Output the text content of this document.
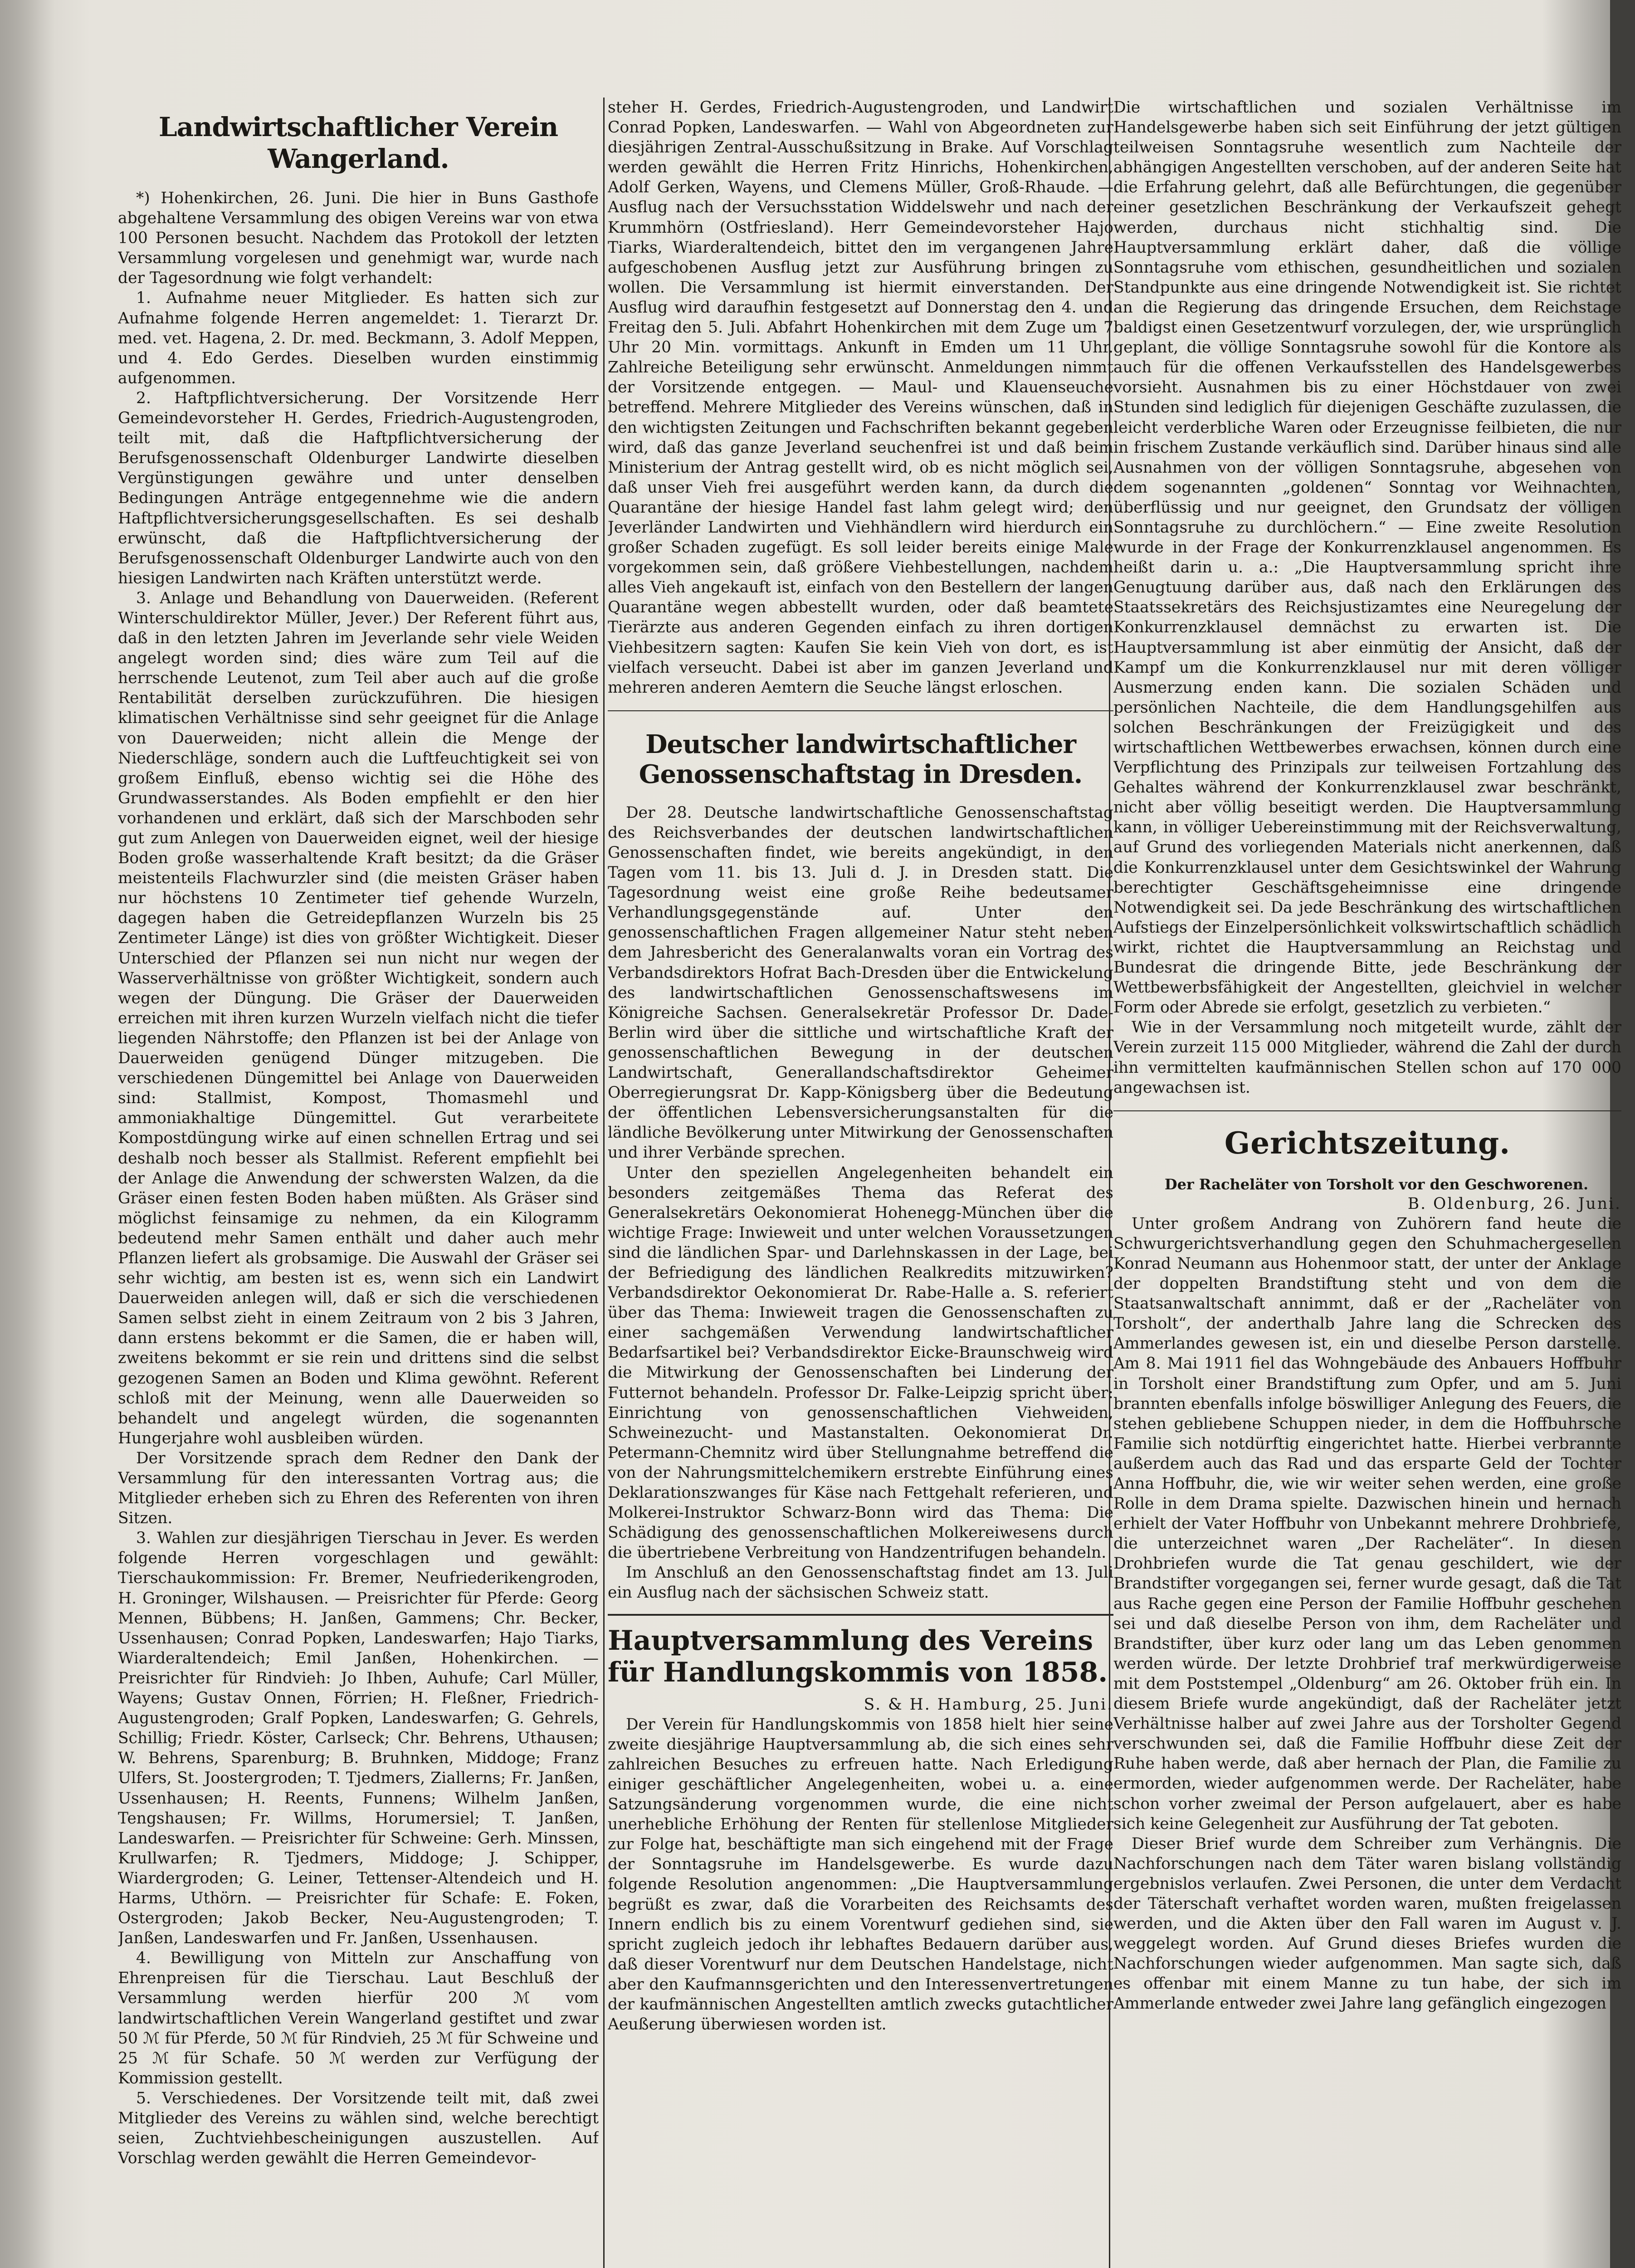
Landwirtschaftlicher Verein Wangerland.

*) Hohenkirchen, 26. Juni. Die hier in Buns Gasthofe abgehaltene Versammlung des obigen Vereins war von etwa 100 Personen besucht. Nachdem das Protokoll der letzten Versammlung vorgelesen und genehmigt war, wurde nach der Tagesordnung wie folgt verhandelt:

1. Aufnahme neuer Mitglieder. Es hatten sich zur Aufnahme folgende Herren angemeldet: 1. Tierarzt Dr. med. vet. Hagena, 2. Dr. med. Beckmann, 3. Adolf Meppen, und 4. Edo Gerdes. Dieselben wurden einstimmig aufgenommen.

2. Haftpflichtversicherung. Der Vorsitzende Herr Gemeindevorsteher H. Gerdes, Friedrich-Augustengroden, teilt mit, daß die Haftpflichtversicherung der Berufsgenossenschaft Oldenburger Landwirte dieselben Vergünstigungen gewähre und unter denselben Bedingungen Anträge entgegennehme wie die andern Haftpflichtversicherungsgesellschaften. Es sei deshalb erwünscht, daß die Haftpflichtversicherung der Berufsgenossenschaft Oldenburger Landwirte auch von den hiesigen Landwirten nach Kräften unterstützt werde.

3. Anlage und Behandlung von Dauerweiden. (Referent Winterschuldirektor Müller, Jever.) Der Referent führt aus, daß in den letzten Jahren im Jeverlande sehr viele Weiden angelegt worden sind; dies wäre zum Teil auf die herrschende Leutenot, zum Teil aber auch auf die große Rentabilität derselben zurückzuführen. Die hiesigen klimatischen Verhältnisse sind sehr geeignet für die Anlage von Dauerweiden; nicht allein die Menge der Niederschläge, sondern auch die Luftfeuchtigkeit sei von großem Einfluß, ebenso wichtig sei die Höhe des Grundwasserstandes. Als Boden empfiehlt er den hier vorhandenen und erklärt, daß sich der Marschboden sehr gut zum Anlegen von Dauerweiden eignet, weil der hiesige Boden große wasserhaltende Kraft besitzt; da die Gräser meistenteils Flachwurzler sind (die meisten Gräser haben nur höchstens 10 Zentimeter tief gehende Wurzeln, dagegen haben die Getreidepflanzen Wurzeln bis 25 Zentimeter Länge) ist dies von größter Wichtigkeit. Dieser Unterschied der Pflanzen sei nun nicht nur wegen der Wasserverhältnisse von größter Wichtigkeit, sondern auch wegen der Düngung. Die Gräser der Dauerweiden erreichen mit ihren kurzen Wurzeln vielfach nicht die tiefer liegenden Nährstoffe; den Pflanzen ist bei der Anlage von Dauerweiden genügend Dünger mitzugeben. Die verschiedenen Düngemittel bei Anlage von Dauerweiden sind: Stallmist, Kompost, Thomasmehl und ammoniakhaltige Düngemittel. Gut verarbeitete Kompostdüngung wirke auf einen schnellen Ertrag und sei deshalb noch besser als Stallmist. Referent empfiehlt bei der Anlage die Anwendung der schwersten Walzen, da die Gräser einen festen Boden haben müßten. Als Gräser sind möglichst feinsamige zu nehmen, da ein Kilogramm bedeutend mehr Samen enthält und daher auch mehr Pflanzen liefert als grobsamige. Die Auswahl der Gräser sei sehr wichtig, am besten ist es, wenn sich ein Landwirt Dauerweiden anlegen will, daß er sich die verschiedenen Samen selbst zieht in einem Zeitraum von 2 bis 3 Jahren, dann erstens bekommt er die Samen, die er haben will, zweitens bekommt er sie rein und drittens sind die selbst gezogenen Samen an Boden und Klima gewöhnt. Referent schloß mit der Meinung, wenn alle Dauerweiden so behandelt und angelegt würden, die sogenannten Hungerjahre wohl ausbleiben würden.

Der Vorsitzende sprach dem Redner den Dank der Versammlung für den interessanten Vortrag aus; die Mitglieder erheben sich zu Ehren des Referenten von ihren Sitzen.

3. Wahlen zur diesjährigen Tierschau in Jever. Es werden folgende Herren vorgeschlagen und gewählt: Tierschaukommission: Fr. Bremer, Neufriederikengroden, H. Groninger, Wilshausen. — Preisrichter für Pferde: Georg Mennen, Bübbens; H. Janßen, Gammens; Chr. Becker, Ussenhausen; Conrad Popken, Landeswarfen; Hajo Tiarks, Wiarderaltendeich; Emil Janßen, Hohenkirchen. — Preisrichter für Rindvieh: Jo Ihben, Auhufe; Carl Müller, Wayens; Gustav Onnen, Förrien; H. Fleßner, Friedrich-Augustengroden; Gralf Popken, Landeswarfen; G. Gehrels, Schillig; Friedr. Köster, Carlseck; Chr. Behrens, Uthausen; W. Behrens, Sparenburg; B. Bruhnken, Middoge; Franz Ulfers, St. Joostergroden; T. Tjedmers, Ziallerns; Fr. Janßen, Ussenhausen; H. Reents, Funnens; Wilhelm Janßen, Tengshausen; Fr. Willms, Horumersiel; T. Janßen, Landeswarfen. — Preisrichter für Schweine: Gerh. Minssen, Krullwarfen; R. Tjedmers, Middoge; J. Schipper, Wiardergroden; G. Leiner, Tettenser-Altendeich und H. Harms, Uthörn. — Preisrichter für Schafe: E. Foken, Ostergroden; Jakob Becker, Neu-Augustengroden; T. Janßen, Landeswarfen und Fr. Janßen, Ussenhausen.

4. Bewilligung von Mitteln zur Anschaffung von Ehrenpreisen für die Tierschau. Laut Beschluß der Versammlung werden hierfür 200 ℳ vom landwirtschaftlichen Verein Wangerland gestiftet und zwar 50 ℳ für Pferde, 50 ℳ für Rindvieh, 25 ℳ für Schweine und 25 ℳ für Schafe. 50 ℳ werden zur Verfügung der Kommission gestellt.

5. Verschiedenes. Der Vorsitzende teilt mit, daß zwei Mitglieder des Vereins zu wählen sind, welche berechtigt seien, Zuchtviehbescheinigungen auszustellen. Auf Vorschlag werden gewählt die Herren Gemeindevor-

steher H. Gerdes, Friedrich-Augustengroden, und Landwirt Conrad Popken, Landeswarfen. — Wahl von Abgeordneten zur diesjährigen Zentral-Ausschußsitzung in Brake. Auf Vorschlag werden gewählt die Herren Fritz Hinrichs, Hohenkirchen, Adolf Gerken, Wayens, und Clemens Müller, Groß-Rhaude. — Ausflug nach der Versuchsstation Widdelswehr und nach der Krummhörn (Ostfriesland). Herr Gemeindevorsteher Hajo Tiarks, Wiarderaltendeich, bittet den im vergangenen Jahre aufgeschobenen Ausflug jetzt zur Ausführung bringen zu wollen. Die Versammlung ist hiermit einverstanden. Der Ausflug wird daraufhin festgesetzt auf Donnerstag den 4. und Freitag den 5. Juli. Abfahrt Hohenkirchen mit dem Zuge um 7 Uhr 20 Min. vormittags. Ankunft in Emden um 11 Uhr. Zahlreiche Beteiligung sehr erwünscht. Anmeldungen nimmt der Vorsitzende entgegen. — Maul- und Klauenseuche betreffend. Mehrere Mitglieder des Vereins wünschen, daß in den wichtigsten Zeitungen und Fachschriften bekannt gegeben wird, daß das ganze Jeverland seuchenfrei ist und daß beim Ministerium der Antrag gestellt wird, ob es nicht möglich sei, daß unser Vieh frei ausgeführt werden kann, da durch die Quarantäne der hiesige Handel fast lahm gelegt wird; den Jeverländer Landwirten und Viehhändlern wird hierdurch ein großer Schaden zugefügt. Es soll leider bereits einige Male vorgekommen sein, daß größere Viehbestellungen, nachdem alles Vieh angekauft ist, einfach von den Bestellern der langen Quarantäne wegen abbestellt wurden, oder daß beamtete Tierärzte aus anderen Gegenden einfach zu ihren dortigen Viehbesitzern sagten: Kaufen Sie kein Vieh von dort, es ist vielfach verseucht. Dabei ist aber im ganzen Jeverland und mehreren anderen Aemtern die Seuche längst erloschen.

Deutscher landwirtschaftlicher Genossenschaftstag in Dresden.

Der 28. Deutsche landwirtschaftliche Genossenschaftstag des Reichsverbandes der deutschen landwirtschaftlichen Genossenschaften findet, wie bereits angekündigt, in den Tagen vom 11. bis 13. Juli d. J. in Dresden statt. Die Tagesordnung weist eine große Reihe bedeutsamer Verhandlungsgegenstände auf. Unter den genossenschaftlichen Fragen allgemeiner Natur steht neben dem Jahresbericht des Generalanwalts voran ein Vortrag des Verbandsdirektors Hofrat Bach-Dresden über die Entwickelung des landwirtschaftlichen Genossenschaftswesens im Königreiche Sachsen. Generalsekretär Professor Dr. Dade-Berlin wird über die sittliche und wirtschaftliche Kraft der genossenschaftlichen Bewegung in der deutschen Landwirtschaft, Generallandschaftsdirektor Geheimer Oberregierungsrat Dr. Kapp-Königsberg über die Bedeutung der öffentlichen Lebensversicherungsanstalten für die ländliche Bevölkerung unter Mitwirkung der Genossenschaften und ihrer Verbände sprechen.

Unter den speziellen Angelegenheiten behandelt ein besonders zeitgemäßes Thema das Referat des Generalsekretärs Oekonomierat Hohenegg-München über die wichtige Frage: Inwieweit und unter welchen Voraussetzungen sind die ländlichen Spar- und Darlehnskassen in der Lage, bei der Befriedigung des ländlichen Realkredits mitzuwirken? Verbandsdirektor Oekonomierat Dr. Rabe-Halle a. S. referiert über das Thema: Inwieweit tragen die Genossenschaften zu einer sachgemäßen Verwendung landwirtschaftlicher Bedarfsartikel bei? Verbandsdirektor Eicke-Braunschweig wird die Mitwirkung der Genossenschaften bei Linderung der Futternot behandeln. Professor Dr. Falke-Leipzig spricht über: Einrichtung von genossenschaftlichen Viehweiden, Schweinezucht- und Mastanstalten. Oekonomierat Dr. Petermann-Chemnitz wird über Stellungnahme betreffend die von der Nahrungsmittelchemikern erstrebte Einführung eines Deklarationszwanges für Käse nach Fettgehalt referieren, und Molkerei-Instruktor Schwarz-Bonn wird das Thema: Die Schädigung des genossenschaftlichen Molkereiwesens durch die übertriebene Verbreitung von Handzentrifugen behandeln.

Im Anschluß an den Genossenschaftstag findet am 13. Juli ein Ausflug nach der sächsischen Schweiz statt.

Hauptversammlung des Vereins für Handlungskommis von 1858.

S. & H. Hamburg, 25. Juni.

Der Verein für Handlungskommis von 1858 hielt hier seine zweite diesjährige Hauptversammlung ab, die sich eines sehr zahlreichen Besuches zu erfreuen hatte. Nach Erledigung einiger geschäftlicher Angelegenheiten, wobei u. a. eine Satzungsänderung vorgenommen wurde, die eine nicht unerhebliche Erhöhung der Renten für stellenlose Mitglieder zur Folge hat, beschäftigte man sich eingehend mit der Frage der Sonntagsruhe im Handelsgewerbe. Es wurde dazu folgende Resolution angenommen: „Die Hauptversammlung begrüßt es zwar, daß die Vorarbeiten des Reichsamts des Innern endlich bis zu einem Vorentwurf gediehen sind, sie spricht zugleich jedoch ihr lebhaftes Bedauern darüber aus, daß dieser Vorentwurf nur dem Deutschen Handelstage, nicht aber den Kaufmannsgerichten und den Interessenvertretungen der kaufmännischen Angestellten amtlich zwecks gutachtlicher Aeußerung überwiesen worden ist.

Die wirtschaftlichen und sozialen Verhältnisse im Handelsgewerbe haben sich seit Einführung der jetzt gültigen teilweisen Sonntagsruhe wesentlich zum Nachteile der abhängigen Angestellten verschoben, auf der anderen Seite hat die Erfahrung gelehrt, daß alle Befürchtungen, die gegenüber einer gesetzlichen Beschränkung der Verkaufszeit gehegt werden, durchaus nicht stichhaltig sind. Die Hauptversammlung erklärt daher, daß die völlige Sonntagsruhe vom ethischen, gesundheitlichen und sozialen Standpunkte aus eine dringende Notwendigkeit ist. Sie richtet an die Regierung das dringende Ersuchen, dem Reichstage baldigst einen Gesetzentwurf vorzulegen, der, wie ursprünglich geplant, die völlige Sonntagsruhe sowohl für die Kontore als auch für die offenen Verkaufsstellen des Handelsgewerbes vorsieht. Ausnahmen bis zu einer Höchstdauer von zwei Stunden sind lediglich für diejenigen Geschäfte zuzulassen, die leicht verderbliche Waren oder Erzeugnisse feilbieten, die nur in frischem Zustande verkäuflich sind. Darüber hinaus sind alle Ausnahmen von der völligen Sonntagsruhe, abgesehen von dem sogenannten „goldenen“ Sonntag vor Weihnachten, überflüssig und nur geeignet, den Grundsatz der völligen Sonntagsruhe zu durchlöchern.“ — Eine zweite Resolution wurde in der Frage der Konkurrenzklausel angenommen. Es heißt darin u. a.: „Die Hauptversammlung spricht ihre Genugtuung darüber aus, daß nach den Erklärungen des Staatssekretärs des Reichsjustizamtes eine Neuregelung der Konkurrenzklausel demnächst zu erwarten ist. Die Hauptversammlung ist aber einmütig der Ansicht, daß der Kampf um die Konkurrenzklausel nur mit deren völliger Ausmerzung enden kann. Die sozialen Schäden und persönlichen Nachteile, die dem Handlungsgehilfen aus solchen Beschränkungen der Freizügigkeit und des wirtschaftlichen Wettbewerbes erwachsen, können durch eine Verpflichtung des Prinzipals zur teilweisen Fortzahlung des Gehaltes während der Konkurrenzklausel zwar beschränkt, nicht aber völlig beseitigt werden. Die Hauptversammlung kann, in völliger Uebereinstimmung mit der Reichsverwaltung, auf Grund des vorliegenden Materials nicht anerkennen, daß die Konkurrenzklausel unter dem Gesichtswinkel der Wahrung berechtigter Geschäftsgeheimnisse eine dringende Notwendigkeit sei. Da jede Beschränkung des wirtschaftlichen Aufstiegs der Einzelpersönlichkeit volkswirtschaftlich schädlich wirkt, richtet die Hauptversammlung an Reichstag und Bundesrat die dringende Bitte, jede Beschränkung der Wettbewerbsfähigkeit der Angestellten, gleichviel in welcher Form oder Abrede sie erfolgt, gesetzlich zu verbieten.“

Wie in der Versammlung noch mitgeteilt wurde, zählt der Verein zurzeit 115 000 Mitglieder, während die Zahl der durch ihn vermittelten kaufmännischen Stellen schon auf 170 000 angewachsen ist.

Gerichtszeitung.

Der Racheläter von Torsholt vor den Geschworenen.

B. Oldenburg, 26. Juni.

Unter großem Andrang von Zuhörern fand heute die Schwurgerichtsverhandlung gegen den Schuhmachergesellen Konrad Neumann aus Hohenmoor statt, der unter der Anklage der doppelten Brandstiftung steht und von dem die Staatsanwaltschaft annimmt, daß er der „Racheläter von Torsholt“, der anderthalb Jahre lang die Schrecken des Ammerlandes gewesen ist, ein und dieselbe Person darstelle. Am 8. Mai 1911 fiel das Wohngebäude des Anbauers Hoffbuhr in Torsholt einer Brandstiftung zum Opfer, und am 5. Juni brannten ebenfalls infolge böswilliger Anlegung des Feuers, die stehen gebliebene Schuppen nieder, in dem die Hoffbuhrsche Familie sich notdürftig eingerichtet hatte. Hierbei verbrannte außerdem auch das Rad und das ersparte Geld der Tochter Anna Hoffbuhr, die, wie wir weiter sehen werden, eine große Rolle in dem Drama spielte. Dazwischen hinein und hernach erhielt der Vater Hoffbuhr von Unbekannt mehrere Drohbriefe, die unterzeichnet waren „Der Racheläter“. In diesen Drohbriefen wurde die Tat genau geschildert, wie der Brandstifter vorgegangen sei, ferner wurde gesagt, daß die Tat aus Rache gegen eine Person der Familie Hoffbuhr geschehen sei und daß dieselbe Person von ihm, dem Racheläter und Brandstifter, über kurz oder lang um das Leben genommen werden würde. Der letzte Drohbrief traf merkwürdigerweise mit dem Poststempel „Oldenburg“ am 26. Oktober früh ein. In diesem Briefe wurde angekündigt, daß der Racheläter jetzt Verhältnisse halber auf zwei Jahre aus der Torsholter Gegend verschwunden sei, daß die Familie Hoffbuhr diese Zeit der Ruhe haben werde, daß aber hernach der Plan, die Familie zu ermorden, wieder aufgenommen werde. Der Racheläter, habe schon vorher zweimal der Person aufgelauert, aber es habe sich keine Gelegenheit zur Ausführung der Tat geboten.

Dieser Brief wurde dem Schreiber zum Verhängnis. Die Nachforschungen nach dem Täter waren bislang vollständig ergebnislos verlaufen. Zwei Personen, die unter dem Verdacht der Täterschaft verhaftet worden waren, mußten freigelassen werden, und die Akten über den Fall waren im August v. J. weggelegt worden. Auf Grund dieses Briefes wurden die Nachforschungen wieder aufgenommen. Man sagte sich, daß es offenbar mit einem Manne zu tun habe, der sich im Ammerlande entweder zwei Jahre lang gefänglich eingezogen
